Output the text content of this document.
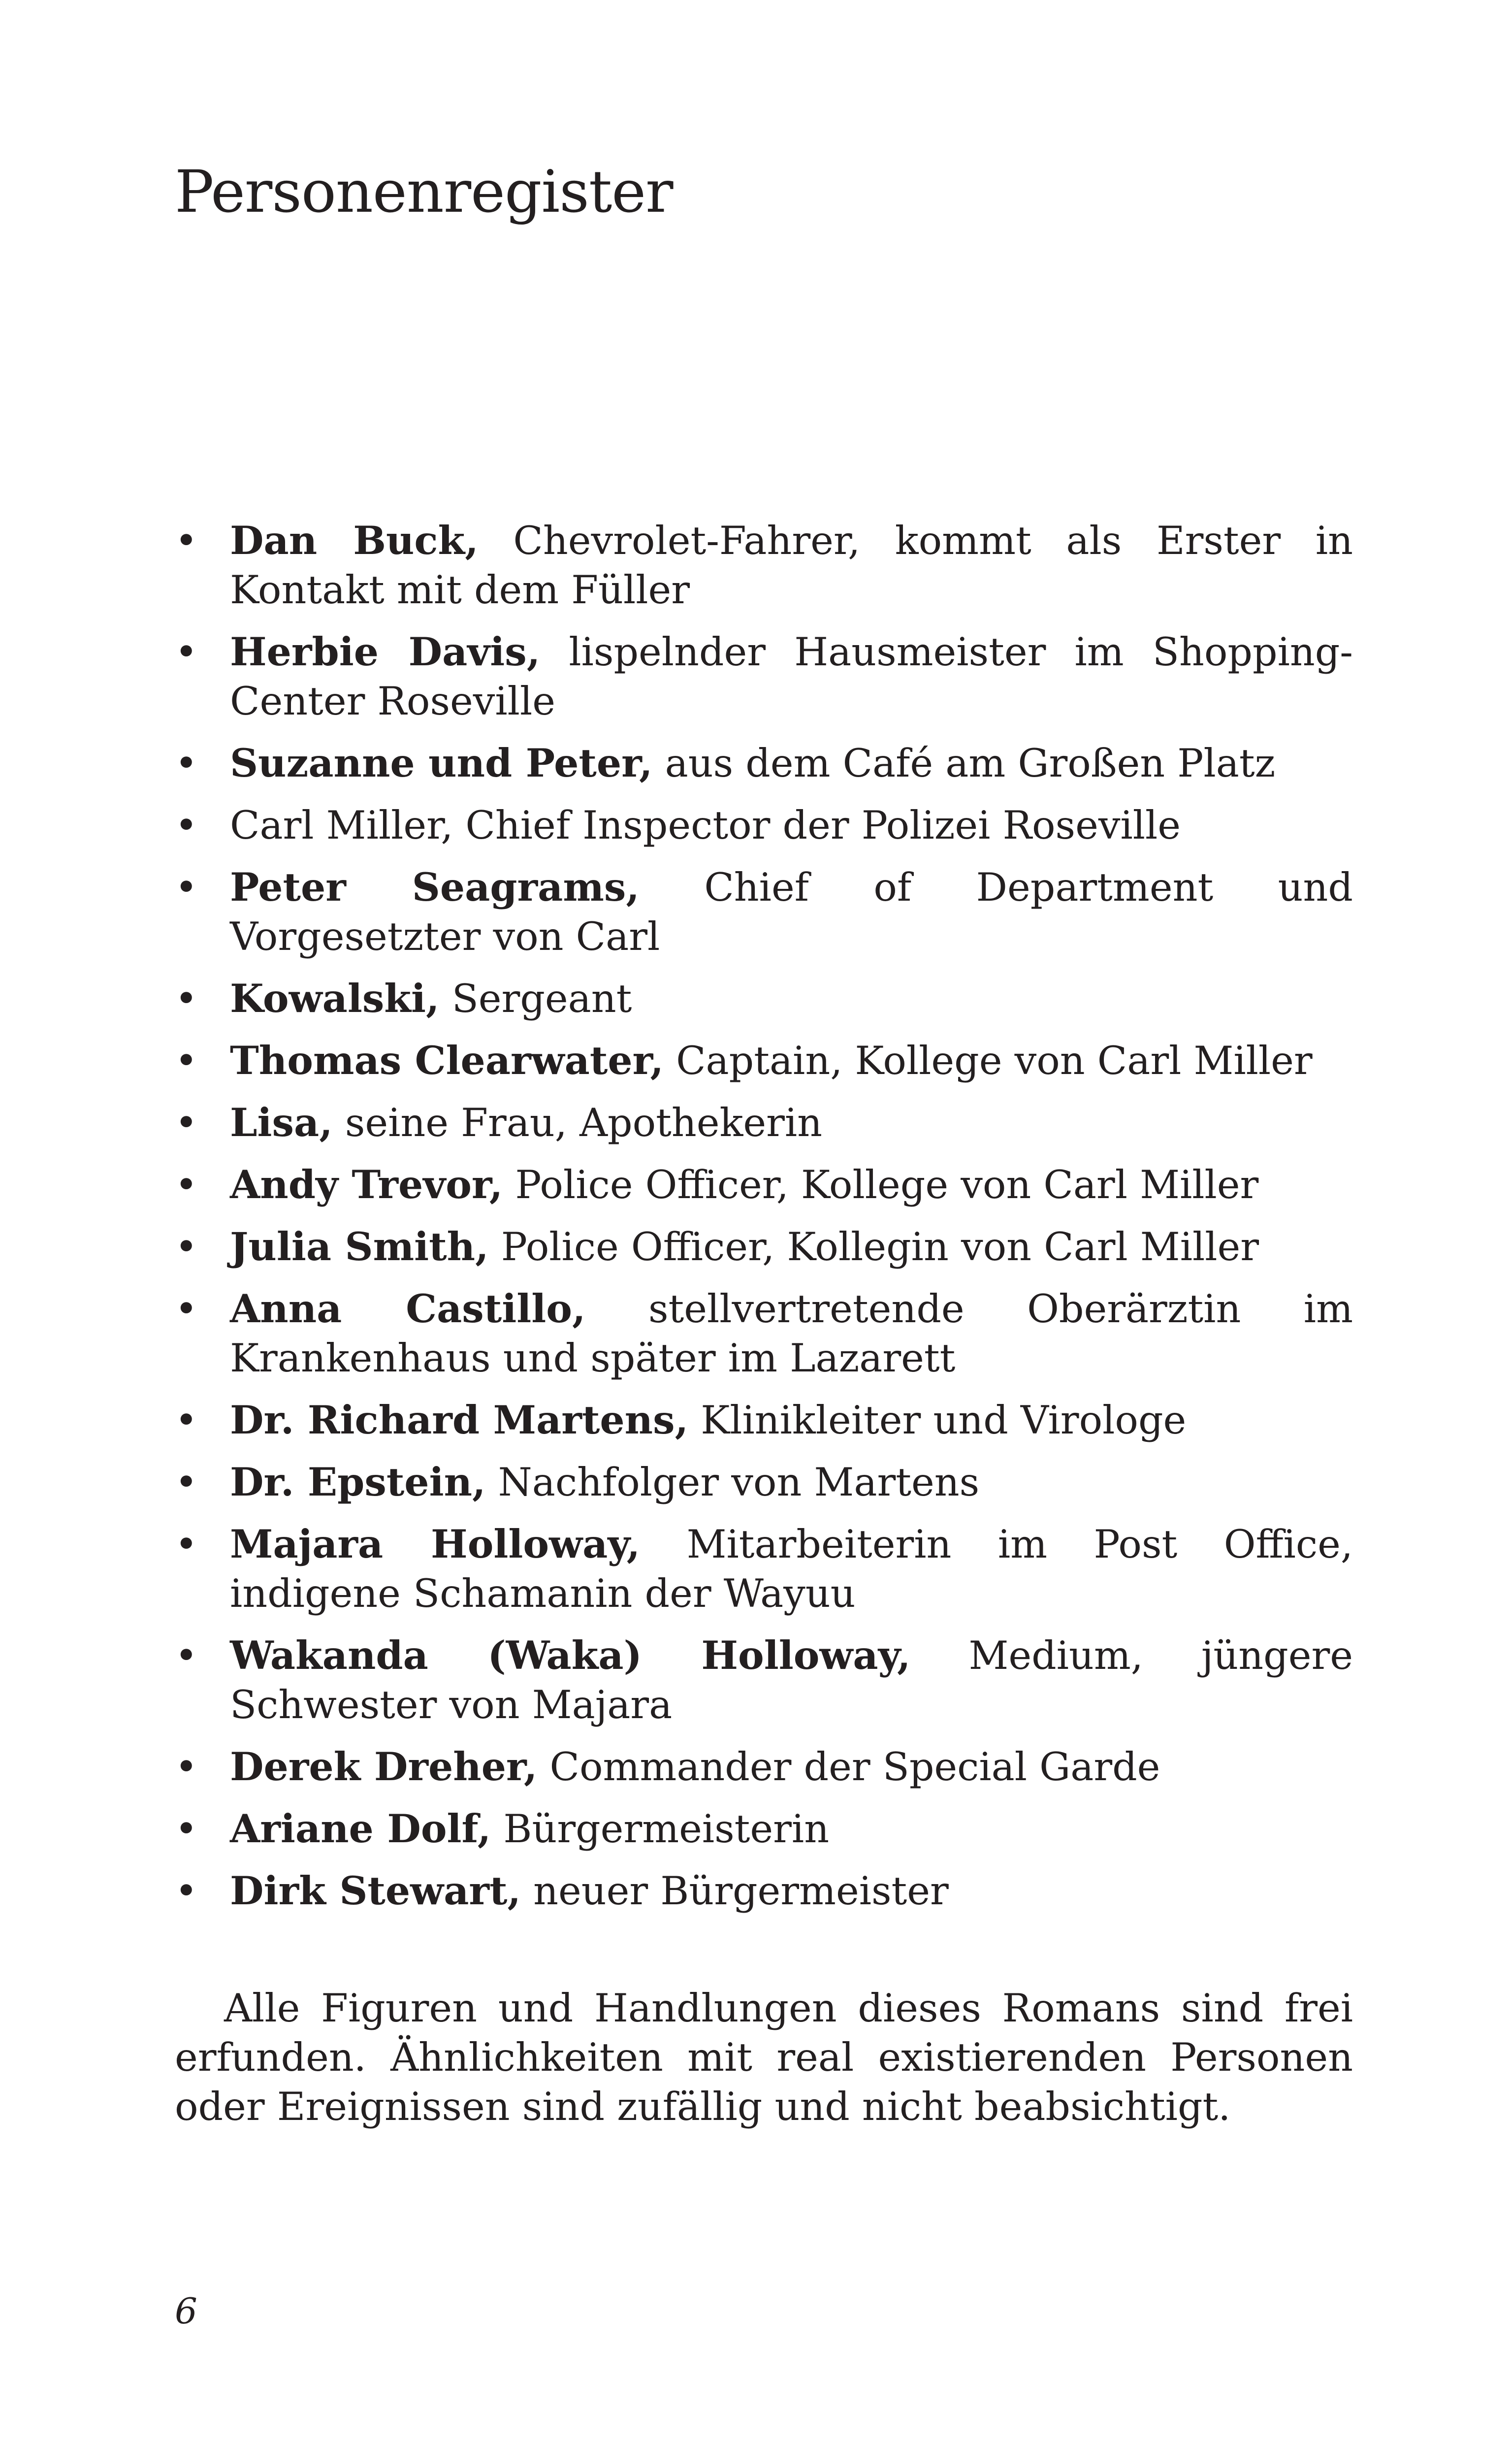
Personenregister
• Dan Buck, Chevrolet-Fahrer, kommt als Erster in Kontakt mit dem Füller
• Herbie Davis, lispelnder Hausmeister im Shopping-Center Roseville
• Suzanne und Peter, aus dem Café am Großen Platz
• Carl Miller, Chief Inspector der Polizei Roseville
• Peter Seagrams, Chief of Department und Vorgesetzter von Carl
• Kowalski, Sergeant
• Thomas Clearwater, Captain, Kollege von Carl Miller
• Lisa, seine Frau, Apothekerin
• Andy Trevor, Police Officer, Kollege von Carl Miller
• Julia Smith, Police Officer, Kollegin von Carl Miller
• Anna Castillo, stellvertretende Oberärztin im Krankenhaus und später im Lazarett
• Dr. Richard Martens, Klinikleiter und Virologe
• Dr. Epstein, Nachfolger von Martens
• Majara Holloway, Mitarbeiterin im Post Office, indigene Schamanin der Wayuu
• Wakanda (Waka) Holloway, Medium, jüngere Schwester von Majara
• Derek Dreher, Commander der Special Garde
• Ariane Dolf, Bürgermeisterin
• Dirk Stewart, neuer Bürgermeister

Alle Figuren und Handlungen dieses Romans sind frei erfunden. Ähnlichkeiten mit real existierenden Personen oder Ereignissen sind zufällig und nicht beabsichtigt.

6
